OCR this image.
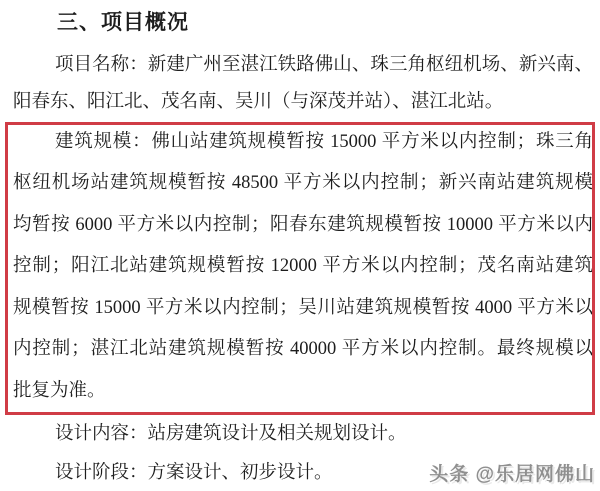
三、项目概况
项目名称：新建广州至湛江铁路佛山、珠三角枢纽机场、新兴南、
阳春东、阳江北、茂名南、吴川（与深茂并站）、湛江北站。
建筑规模：佛山站建筑规模暂按 15000 平方米以内控制；珠三角
枢纽机场站建筑规模暂按 48500 平方米以内控制；新兴南站建筑规模
均暂按 6000 平方米以内控制；阳春东建筑规模暂按 10000 平方米以内
控制；阳江北站建筑规模暂按 12000 平方米以内控制；茂名南站建筑
规模暂按 15000 平方米以内控制；吴川站建筑规模暂按 4000 平方米以
内控制；湛江北站建筑规模暂按 40000 平方米以内控制。最终规模以
批复为准。
设计内容：站房建筑设计及相关规划设计。
设计阶段：方案设计、初步设计。	头条 @乐居网佛山
